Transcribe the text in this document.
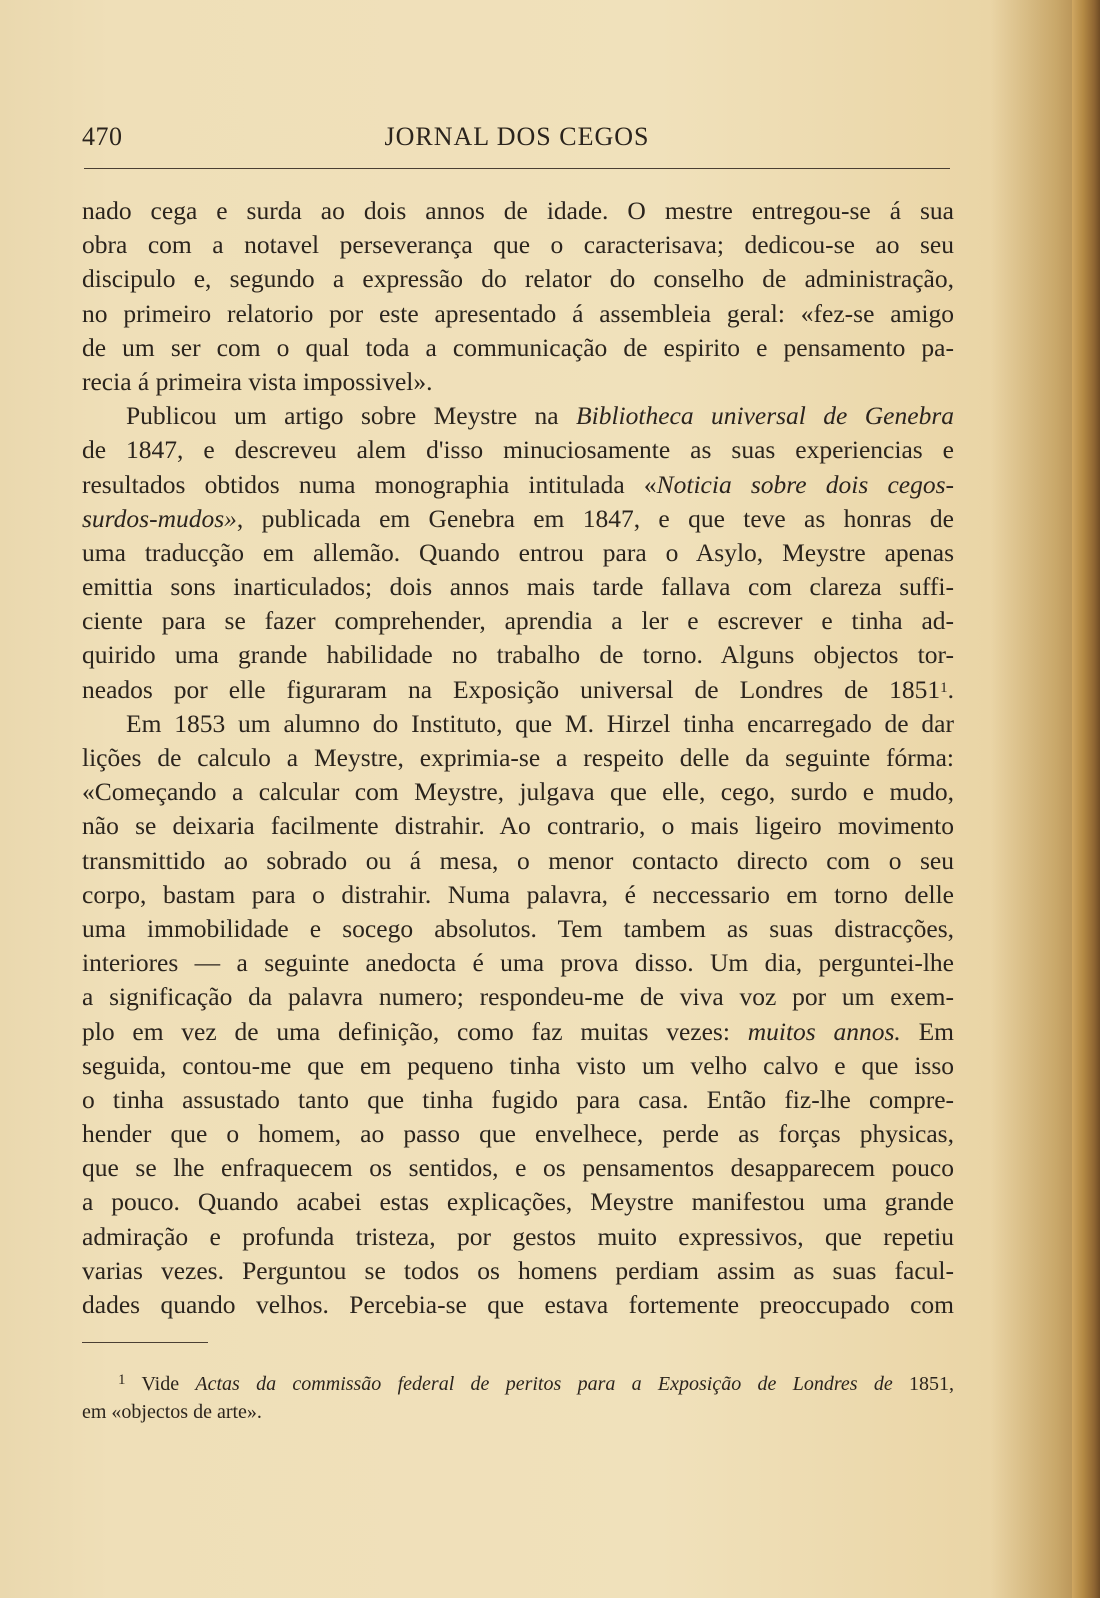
470	JORNAL DOS CEGOS
nado cega e surda ao dois annos de idade. O mestre entregou-se á sua
obra com a notavel perseverança que o caracterisava; dedicou-se ao seu
discipulo e, segundo a expressão do relator do conselho de administração,
no primeiro relatorio por este apresentado á assembleia geral: «fez-se amigo
de um ser com o qual toda a communicação de espirito e pensamento pa-
recia á primeira vista impossivel».
Publicou um artigo sobre Meystre na Bibliotheca universal de Genebra
de 1847, e descreveu alem d'isso minuciosamente as suas experiencias e
resultados obtidos numa monographia intitulada «Noticia sobre dois cegos-
surdos-mudos», publicada em Genebra em 1847, e que teve as honras de
uma traducção em allemão. Quando entrou para o Asylo, Meystre apenas
emittia sons inarticulados; dois annos mais tarde fallava com clareza suffi-
ciente para se fazer comprehender, aprendia a ler e escrever e tinha ad-
quirido uma grande habilidade no trabalho de torno. Alguns objectos tor-
neados por elle figuraram na Exposição universal de Londres de 1851$^1$.
Em 1853 um alumno do Instituto, que M. Hirzel tinha encarregado de dar
lições de calculo a Meystre, exprimia-se a respeito delle da seguinte fórma:
«Começando a calcular com Meystre, julgava que elle, cego, surdo e mudo,
não se deixaria facilmente distrahir. Ao contrario, o mais ligeiro movimento
transmittido ao sobrado ou á mesa, o menor contacto directo com o seu
corpo, bastam para o distrahir. Numa palavra, é neccessario em torno delle
uma immobilidade e socego absolutos. Tem tambem as suas distracções,
interiores — a seguinte anedocta é uma prova disso. Um dia, perguntei-lhe
a significação da palavra numero; respondeu-me de viva voz por um exem-
plo em vez de uma definição, como faz muitas vezes: muitos annos. Em
seguida, contou-me que em pequeno tinha visto um velho calvo e que isso
o tinha assustado tanto que tinha fugido para casa. Então fiz-lhe compre-
hender que o homem, ao passo que envelhece, perde as forças physicas,
que se lhe enfraquecem os sentidos, e os pensamentos desapparecem pouco
a pouco. Quando acabei estas explicações, Meystre manifestou uma grande
admiração e profunda tristeza, por gestos muito expressivos, que repetiu
varias vezes. Perguntou se todos os homens perdiam assim as suas facul-
dades quando velhos. Percebia-se que estava fortemente preoccupado com
$^1$ Vide Actas da commissão federal de peritos para a Exposição de Londres de 1851,
em «objectos de arte».
